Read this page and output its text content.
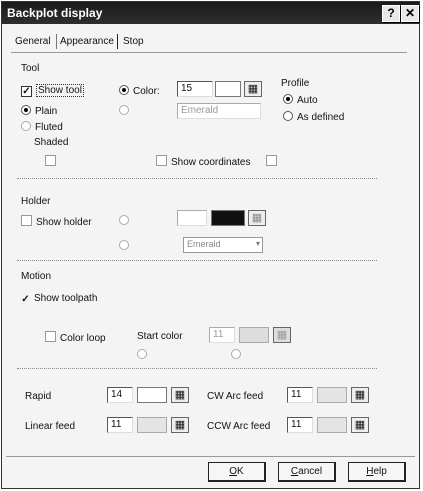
Backplot display	? ✕
General Appearance Stop
Tool
✓ Show tool
Plain
Fluted
Shaded
Color:	15	▦
Emerald
Profile
Auto
As defined
Show coordinates
Holder
Show holder	▦
Emerald	▾
Motion
✓ Show toolpath
Color loop	Start color	11	▦
Rapid	14	▦	CW Arc feed	11	▦
Linear feed	11	▦	CCW Arc feed	11	▦
OK	Cancel	Help
